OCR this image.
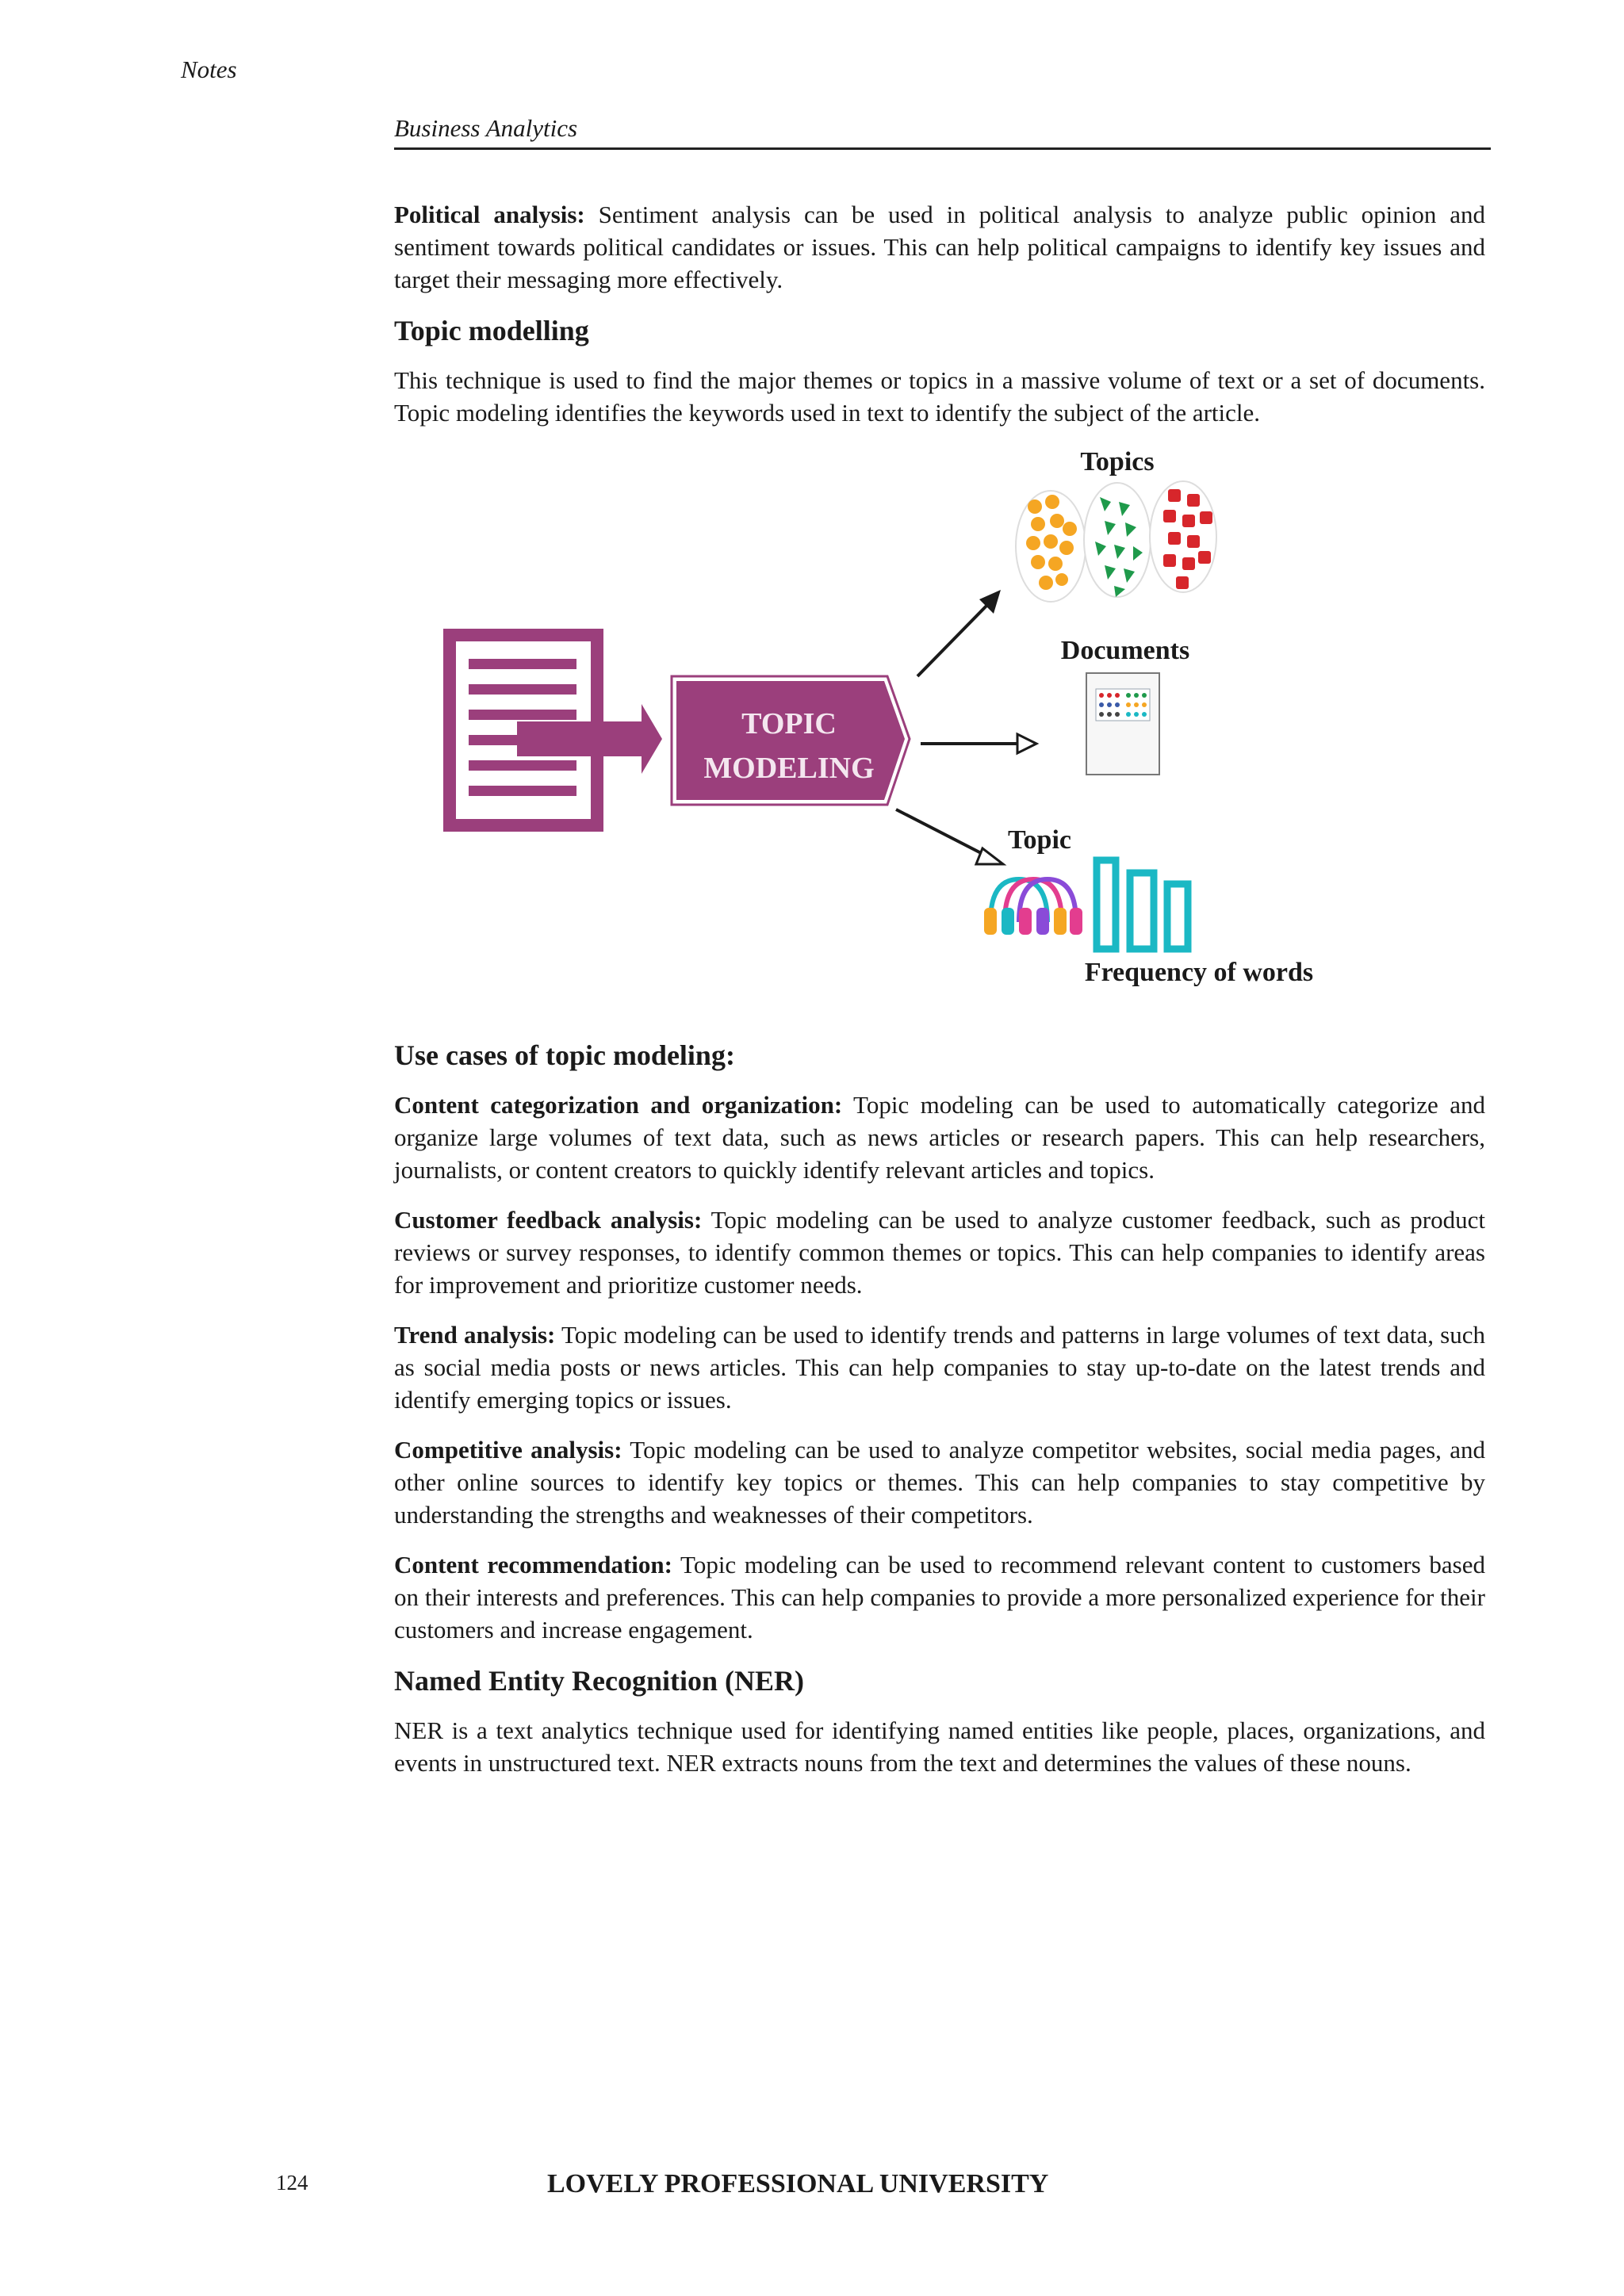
Notes
Business Analytics

Political analysis: Sentiment analysis can be used in political analysis to analyze public opinion and sentiment towards political candidates or issues. This can help political campaigns to identify key issues and target their messaging more effectively.

Topic modelling

This technique is used to find the major themes or topics in a massive volume of text or a set of documents. Topic modeling identifies the keywords used in text to identify the subject of the article.

TOPIC
MODELING
Topics
Documents
Topic
Frequency of words
Use cases of topic modeling:

Content categorization and organization: Topic modeling can be used to automatically categorize and organize large volumes of text data, such as news articles or research papers. This can help researchers, journalists, or content creators to quickly identify relevant articles and topics.

Customer feedback analysis: Topic modeling can be used to analyze customer feedback, such as product reviews or survey responses, to identify common themes or topics. This can help companies to identify areas for improvement and prioritize customer needs.

Trend analysis: Topic modeling can be used to identify trends and patterns in large volumes of text data, such as social media posts or news articles. This can help companies to stay up-to-date on the latest trends and identify emerging topics or issues.

Competitive analysis: Topic modeling can be used to analyze competitor websites, social media pages, and other online sources to identify key topics or themes. This can help companies to stay competitive by understanding the strengths and weaknesses of their competitors.

Content recommendation: Topic modeling can be used to recommend relevant content to customers based on their interests and preferences. This can help companies to provide a more personalized experience for their customers and increase engagement.

Named Entity Recognition (NER)

NER is a text analytics technique used for identifying named entities like people, places, organizations, and events in unstructured text. NER extracts nouns from the text and determines the values of these nouns.

124	LOVELY PROFESSIONAL UNIVERSITY
